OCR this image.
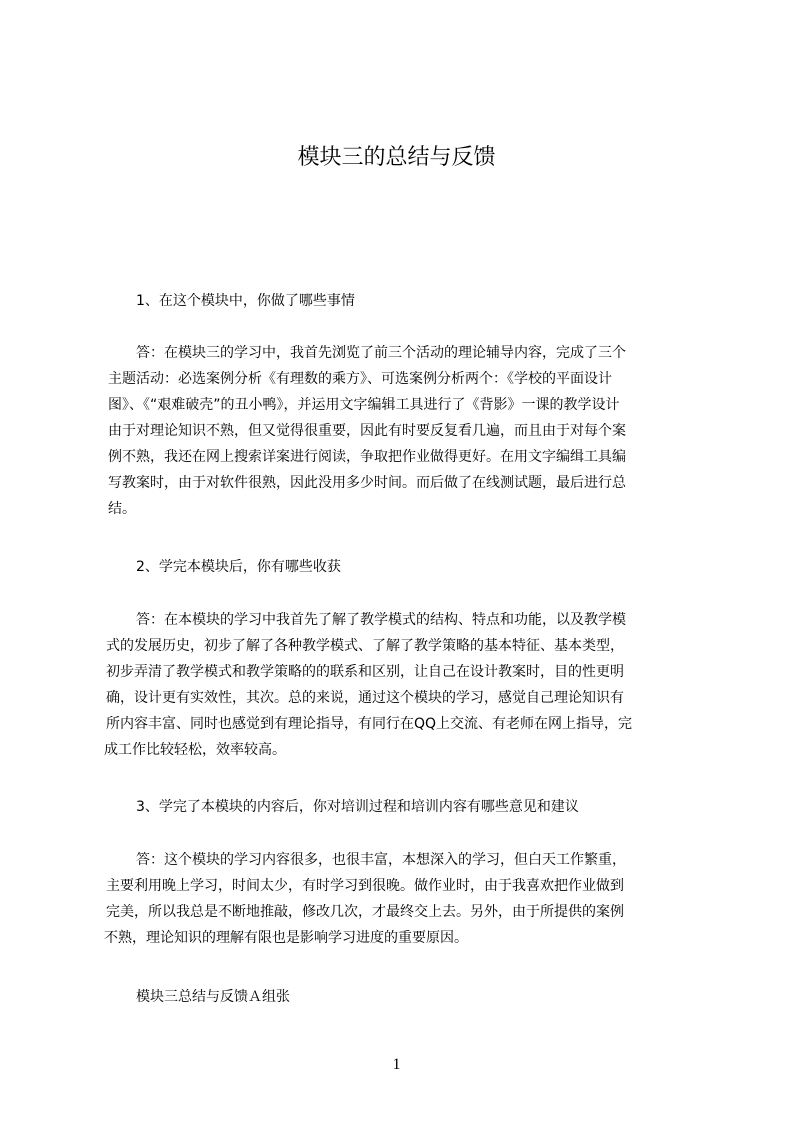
模块三的总结与反馈
1、在这个模块中，你做了哪些事情
答：在模块三的学习中，我首先浏览了前三个活动的理论辅导内容，完成了三个
主题活动：必选案例分析《有理数的乘方》、可选案例分析两个：《学校的平面设计
图》、《“艰难破壳”的丑小鸭》，并运用文字编辑工具进行了《背影》一课的教学设计
由于对理论知识不熟，但又觉得很重要，因此有时要反复看几遍，而且由于对每个案
例不熟，我还在网上搜索详案进行阅读，争取把作业做得更好。在用文字编缉工具编
写教案时，由于对软件很熟，因此没用多少时间。而后做了在线测试题，最后进行总
结。
2、学完本模块后，你有哪些收获
答：在本模块的学习中我首先了解了教学模式的结构、特点和功能，以及教学模
式的发展历史，初步了解了各种教学模式、了解了教学策略的基本特征、基本类型，
初步弄清了教学模式和教学策略的的联系和区别，让自己在设计教案时，目的性更明
确，设计更有实效性，其次。总的来说，通过这个模块的学习，感觉自己理论知识有
所内容丰富、同时也感觉到有理论指导，有同行在QQ上交流、有老师在网上指导，完
成工作比较轻松，效率较高。
3、学完了本模块的内容后，你对培训过程和培训内容有哪些意见和建议
答：这个模块的学习内容很多，也很丰富，本想深入的学习，但白天工作繁重，
主要利用晚上学习，时间太少，有时学习到很晚。做作业时，由于我喜欢把作业做到
完美，所以我总是不断地推敲，修改几次，才最终交上去。另外，由于所提供的案例
不熟，理论知识的理解有限也是影响学习进度的重要原因。
模块三总结与反馈Ａ组张
1
